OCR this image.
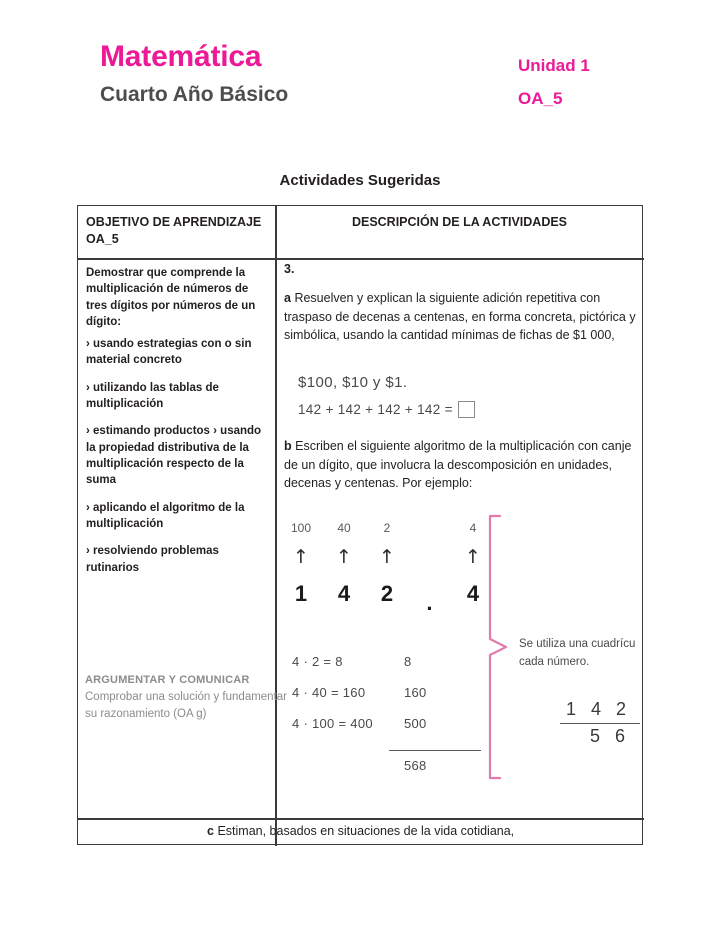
Matemática
Cuarto Año Básico
Unidad 1
OA_5
Actividades Sugeridas
OBJETIVO DE APRENDIZAJE OA_5
DESCRIPCIÓN DE LA ACTIVIDADES
Demostrar que comprende la multiplicación de números de tres dígitos por números de un dígito:
› usando estrategias con o sin material concreto
› utilizando las tablas de multiplicación
› estimando productos › usando la propiedad distributiva de la multiplicación respecto de la suma
› aplicando el algoritmo de la multiplicación
› resolviendo problemas rutinarios
ARGUMENTAR Y COMUNICAR
Comprobar una solución y fundamentar su razonamiento (OA g)
3.
a Resuelven y explican la siguiente adición repetitiva con traspaso de decenas a centenas, en forma concreta, pictórica y simbólica, usando la cantidad mínimas de fichas de $1 000,
$100, $10 y $1.
142 + 142 + 142 + 142 =
b Escriben el siguiente algoritmo de la multiplicación con canje de un dígito, que involucra la descomposición en unidades, decenas y centenas. Por ejemplo:
100
↑
1
40
↑
4
2
↑
2
·
4
↑
4
4 · 2 = 8	8
4 · 40 = 160	160
4 · 100 = 400 500
568
Se utiliza una cuadrícu
cada número.
1 4 2
5 6
c Estiman, basados en situaciones de la vida cotidiana,
